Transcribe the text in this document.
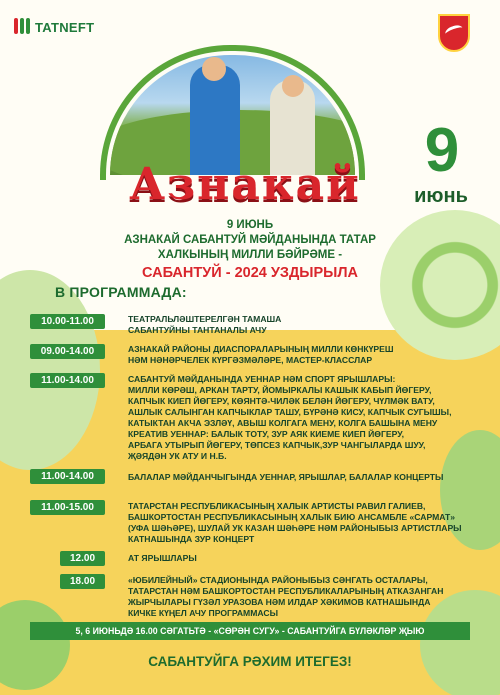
TATNEFT
Азнакай 9
июнь
9 ИЮНЬ
АЗНАКАЙ САБАНТУЙ МӘЙДАНЫНДА ТАТАР
ХАЛКЫНЫҢ МИЛЛИ БӘЙРӘМЕ -
САБАНТУЙ - 2024 УЗДЫРЫЛА
В ПРОГРАММАДА:
10.00-11.00	ТЕАТРАЛЬЛӘШТЕРЕЛГӘН ТАМАША
САБАНТУЙНЫ ТАНТАНАЛЫ АЧУ
09.00-14.00	АЗНАКАЙ РАЙОНЫ ДИАСПОРАЛАРЫНЫҢ МИЛЛИ КӨНКҮРЕШ
HӘМ НӘНӘРЧЕЛЕК КҮРГӘЗМӘЛӘРЕ, МАСТЕР-КЛАССЛАР
11.00-14.00	САБАНТУЙ МӘЙДАНЫНДА УЕННАР HӘМ СПОРТ ЯРЫШЛАРЫ:
МИЛЛИ КӨРӘШ, АРКАН ТАРТУ, ЙОМЫРКАЛЫ КАШЫК КАБЫП ЙӨГЕРУ,
КАПЧЫК КИЕП ЙӨГЕРУ, КӨЯНТӘ-ЧИЛӘК БЕЛӘН ЙӨГЕРУ, ЧҮЛМӘК ВАТУ,
АШЛЫК САЛЫНГАН КАПЧЫКЛАР ТАШУ, БҮРӘНӘ КИСУ, КАПЧЫК СУГЫШЫ,
КАТЫКТАН АКЧА ЭЗЛӘҮ, АВЫШ КОЛГАГА МЕНУ, КОЛГА БАШЫНА МЕНУ
КРЕАТИВ УЕННАР: БАЛЫК ТОТУ, ЗУР АЯК КИЕМЕ КИЕП ЙӨГЕРУ,
АРБАГА УТЫРЫП ЙӨГЕРУ, ТӨПСЕЗ КАПЧЫК,ЗУР ЧАНГЫЛАРДА ШУУ,
ҖӘЯДӘН УК АТУ И H.Б.
11.00-14.00	БАЛАЛАР МӘЙДАНЧЫГЫНДА УЕННАР, ЯРЫШЛАР, БАЛАЛАР КОНЦЕРТЫ
11.00-15.00	ТАТАРСТАН РЕСПУБЛИКАСЫНЫҢ ХАЛЫК АРТИСТЫ РАВИЛ ГАЛИЕВ,
БАШКОРТОСТАН РЕСПУБЛИКАСЫНЫҢ ХАЛЫК БИЮ АНСАМБЛЕ «САРМАТ»
(УФА ШӘҺӘРЕ), ШУЛАЙ УК КАЗАН ШӘҺӘРЕ HӘМ РАЙОНЫБЫЗ АРТИСТЛАРЫ
КАТНАШЫНДА ЗУР КОНЦЕРТ
12.00	АТ ЯРЫШЛАРЫ
18.00	«ЮБИЛЕЙНЫЙ» СТАДИОНЫНДА РАЙОНЫБЫЗ СӘНГАТЬ ОСТАЛАРЫ,
ТАТАРСТАН HӘМ БАШКОРТОСТАН РЕСПУБЛИКАЛАРЫНЫҢ АТКАЗАНГАН
ЖЫРЧЫЛАРЫ ГҮЗӘЛ УРАЗОВА HӘМ ИЛДАР ХӘКИМОВ КАТНАШЫНДА
КИЧКЕ КҮҢЕЛ АЧУ ПРОГРАММАСЫ
5, 6 ИЮНЬДӘ 16.00 СӘГАТЬТӘ - «СӨРӘН СУГУ» - САБАНТУЙГА БҮЛӘКЛӘР ҖЫЮ
САБАНТУЙГА РӘХИМ ИТЕГЕЗ!
